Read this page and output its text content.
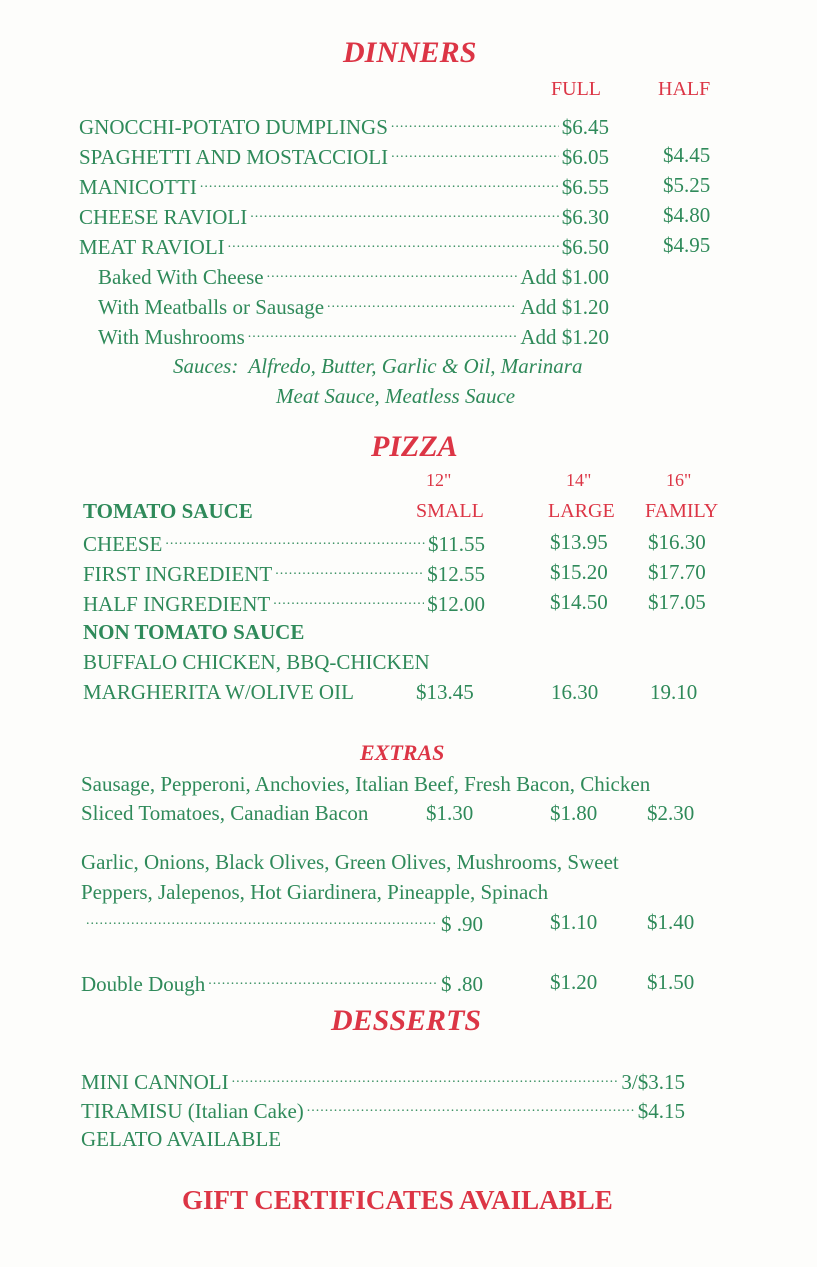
DINNERS
FULL	HALF
GNOCCHI-POTATO DUMPLINGS .....	$6.45
SPAGHETTI AND MOSTACCIOLI .....	$6.05	$4.45
MANICOTTI .....	$6.55	$5.25
CHEESE RAVIOLI .....	$6.30	$4.80
MEAT RAVIOLI .....	$6.50	$4.95
Baked With Cheese .....	Add $1.00
With Meatballs or Sausage .....	Add $1.20
With Mushrooms .....	Add $1.20
Sauces:  Alfredo, Butter, Garlic & Oil, Marinara
Meat Sauce, Meatless Sauce
PIZZA
12"	14"	16"
TOMATO SAUCE	SMALL	LARGE FAMILY
CHEESE .....	$11.55	$13.95 $16.30
FIRST INGREDIENT .....	$12.55	$15.20 $17.70
HALF INGREDIENT .....	$12.00	$14.50 $17.05
NON TOMATO SAUCE
BUFFALO CHICKEN, BBQ-CHICKEN
MARGHERITA W/OLIVE OIL	$13.45	16.30 19.10
EXTRAS
Sausage, Pepperoni, Anchovies, Italian Beef, Fresh Bacon, Chicken
Sliced Tomatoes, Canadian Bacon	$1.30	$1.80 $2.30
Garlic, Onions, Black Olives, Green Olives, Mushrooms, Sweet
Peppers, Jalepenos, Hot Giardinera, Pineapple, Spinach
.....
$ .90	$1.10 $1.40
Double Dough .....	$ .80	$1.20 $1.50
DESSERTS
MINI CANNOLI .....	3/$3.15
TIRAMISU (Italian Cake) .....	$4.15
GELATO AVAILABLE
GIFT CERTIFICATES AVAILABLE
